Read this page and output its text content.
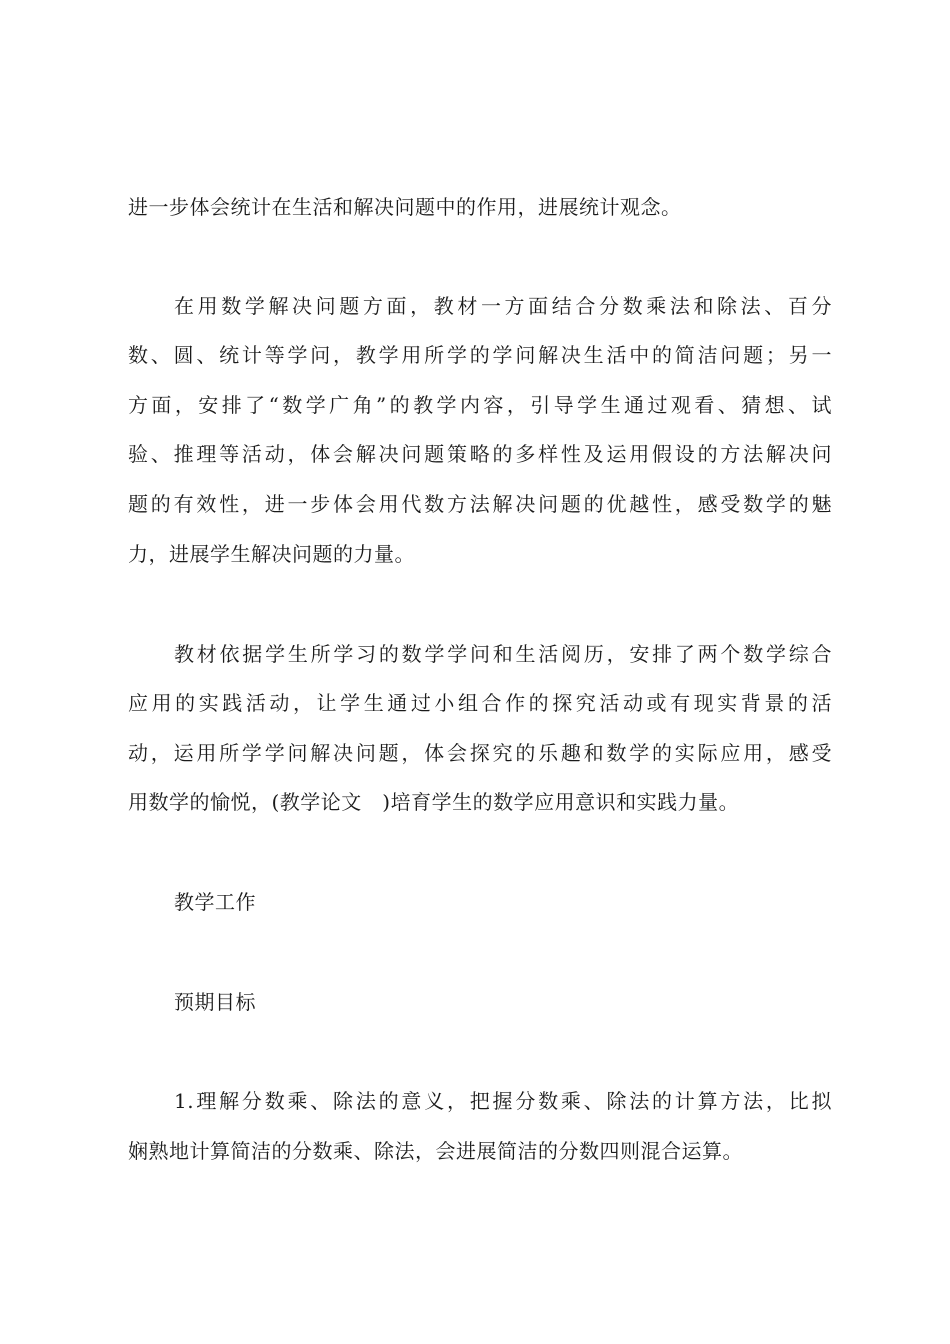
进一步体会统计在生活和解决问题中的作用，进展统计观念。
在用数学解决问题方面，教材一方面结合分数乘法和除法、百分
数、圆、统计等学问，教学用所学的学问解决生活中的简洁问题；另一
方面，安排了“数学广角”的教学内容，引导学生通过观看、猜想、试
验、推理等活动，体会解决问题策略的多样性及运用假设的方法解决问
题的有效性，进一步体会用代数方法解决问题的优越性，感受数学的魅
力，进展学生解决问题的力量。
教材依据学生所学习的数学学问和生活阅历，安排了两个数学综合
应用的实践活动，让学生通过小组合作的探究活动或有现实背景的活
动，运用所学学问解决问题，体会探究的乐趣和数学的实际应用，感受
用数学的愉悦，(教学论文　)培育学生的数学应用意识和实践力量。
教学工作
预期目标
1.理解分数乘、除法的意义，把握分数乘、除法的计算方法，比拟
娴熟地计算简洁的分数乘、除法，会进展简洁的分数四则混合运算。
